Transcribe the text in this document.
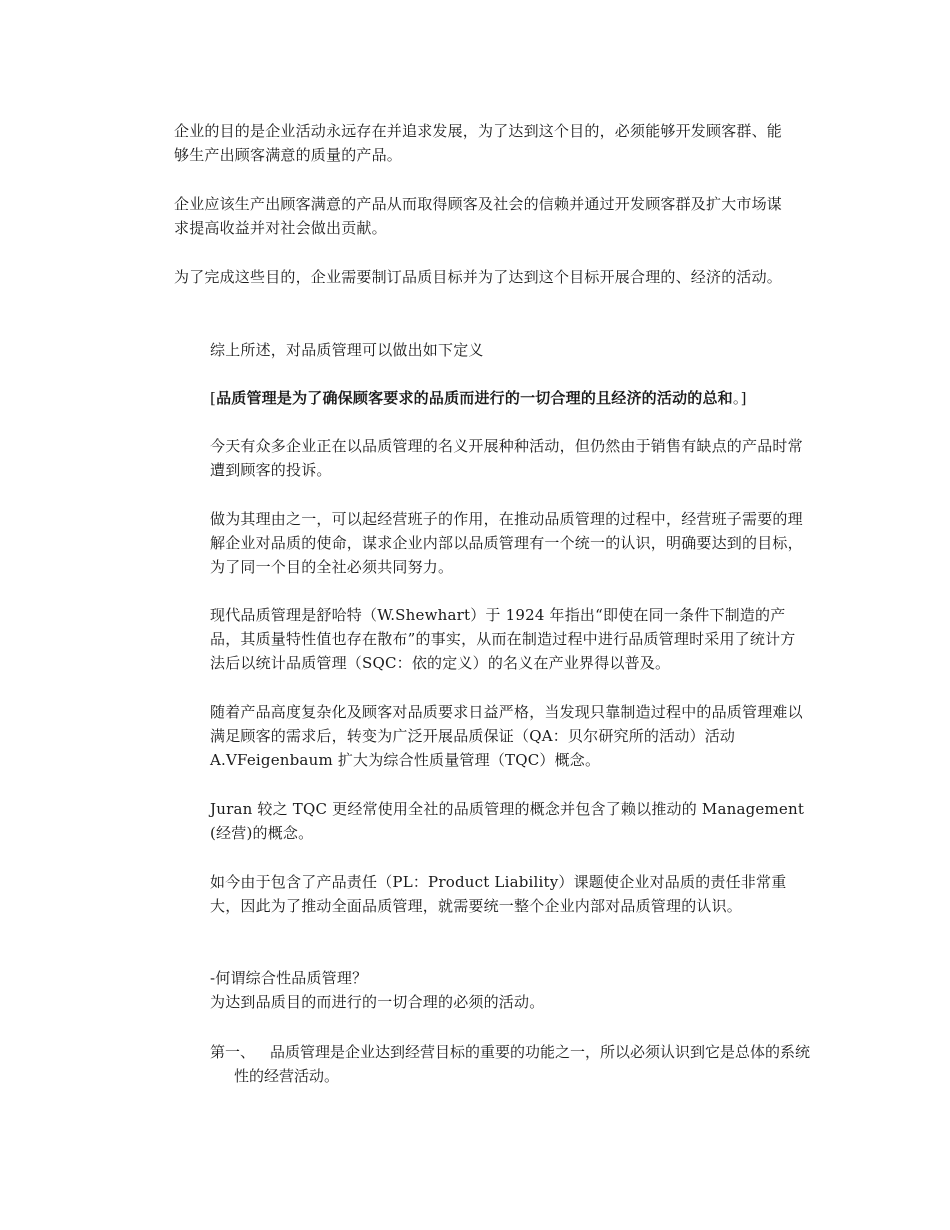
企业的目的是企业活动永远存在并追求发展，为了达到这个目的，必须能够开发顾客群、能够生产出顾客满意的质量的产品。

企业应该生产出顾客满意的产品从而取得顾客及社会的信赖并通过开发顾客群及扩大市场谋求提高收益并对社会做出贡献。

为了完成这些目的，企业需要制订品质目标并为了达到这个目标开展合理的、经济的活动。

综上所述，对品质管理可以做出如下定义

[品质管理是为了确保顾客要求的品质而进行的一切合理的且经济的活动的总和。]

今天有众多企业正在以品质管理的名义开展种种活动，但仍然由于销售有缺点的产品时常遭到顾客的投诉。

做为其理由之一，可以起经营班子的作用，在推动品质管理的过程中，经营班子需要的理解企业对品质的使命，谋求企业内部以品质管理有一个统一的认识，明确要达到的目标，为了同一个目的全社必须共同努力。

现代品质管理是舒哈特（W.Shewhart）于 1924 年指出“即使在同一条件下制造的产品，其质量特性值也存在散布”的事实，从而在制造过程中进行品质管理时采用了统计方法后以统计品质管理（SQC：依的定义）的名义在产业界得以普及。

随着产品高度复杂化及顾客对品质要求日益严格，当发现只靠制造过程中的品质管理难以满足顾客的需求后，转变为广泛开展品质保证（QA：贝尔研究所的活动）活动 A.VFeigenbaum 扩大为综合性质量管理（TQC）概念。

Juran 较之 TQC 更经常使用全社的品质管理的概念并包含了赖以推动的 Management (经营)的概念。

如今由于包含了产品责任（PL：Product Liability）课题使企业对品质的责任非常重大，因此为了推动全面品质管理，就需要统一整个企业内部对品质管理的认识。

-何谓综合性品质管理？

为达到品质目的而进行的一切合理的必须的活动。

第一、 品质管理是企业达到经营目标的重要的功能之一，所以必须认识到它是总体的系统性的经营活动。
